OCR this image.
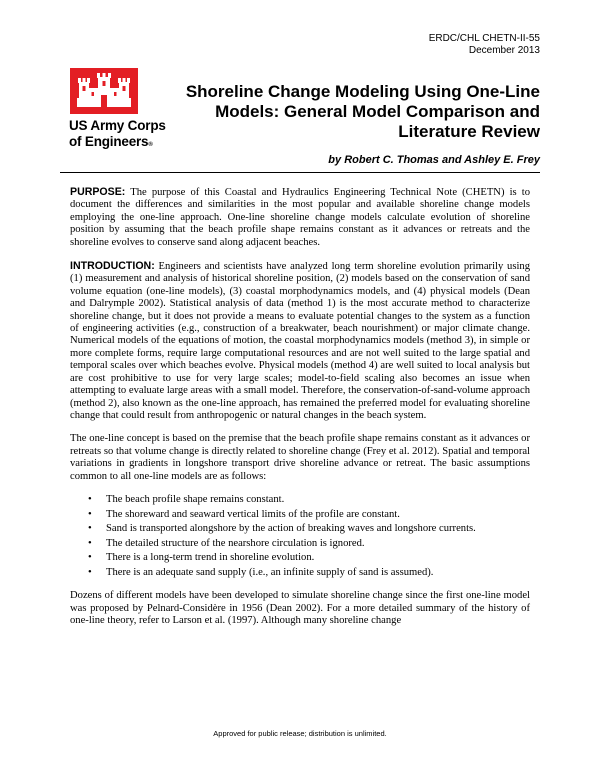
ERDC/CHL CHETN-II-55
December 2013
US Army Corps
of Engineers®
Shoreline Change Modeling Using One-Line Models: General Model Comparison and Literature Review
by Robert C. Thomas and Ashley E. Frey

PURPOSE: The purpose of this Coastal and Hydraulics Engineering Technical Note (CHETN) is to document the differences and similarities in the most popular and available shoreline change models employing the one-line approach. One-line shoreline change models calculate evolution of shoreline position by assuming that the beach profile shape remains constant as it advances or retreats and the shoreline evolves to conserve sand along adjacent beaches.

INTRODUCTION: Engineers and scientists have analyzed long term shoreline evolution primarily using (1) measurement and analysis of historical shoreline position, (2) models based on the conservation of sand volume equation (one-line models), (3) coastal morphodynamics models, and (4) physical models (Dean and Dalrymple 2002). Statistical analysis of data (method 1) is the most accurate method to characterize shoreline change, but it does not provide a means to evaluate potential changes to the system as a function of engineering activities (e.g., construction of a breakwater, beach nourishment) or major climate change. Numerical models of the equations of motion, the coastal morphodynamics models (method 3), in simple or more complete forms, require large computational resources and are not well suited to the large spatial and temporal scales over which beaches evolve. Physical models (method 4) are well suited to local analysis but are cost prohibitive to use for very large scales; model-to-field scaling also becomes an issue when attempting to evaluate large areas with a small model. Therefore, the conservation-of-sand-volume approach (method 2), also known as the one-line approach, has remained the preferred model for evaluating shoreline change that could result from anthropogenic or natural changes in the beach system.

The one-line concept is based on the premise that the beach profile shape remains constant as it advances or retreats so that volume change is directly related to shoreline change (Frey et al. 2012). Spatial and temporal variations in gradients in longshore transport drive shoreline advance or retreat. The basic assumptions common to all one-line models are as follows:

• The beach profile shape remains constant.
• The shoreward and seaward vertical limits of the profile are constant.
• Sand is transported alongshore by the action of breaking waves and longshore currents.
• The detailed structure of the nearshore circulation is ignored.
• There is a long-term trend in shoreline evolution.
• There is an adequate sand supply (i.e., an infinite supply of sand is assumed).

Dozens of different models have been developed to simulate shoreline change since the first one-line model was proposed by Pelnard-Considère in 1956 (Dean 2002). For a more detailed summary of the history of one-line theory, refer to Larson et al. (1997). Although many shoreline change

Approved for public release; distribution is unlimited.
